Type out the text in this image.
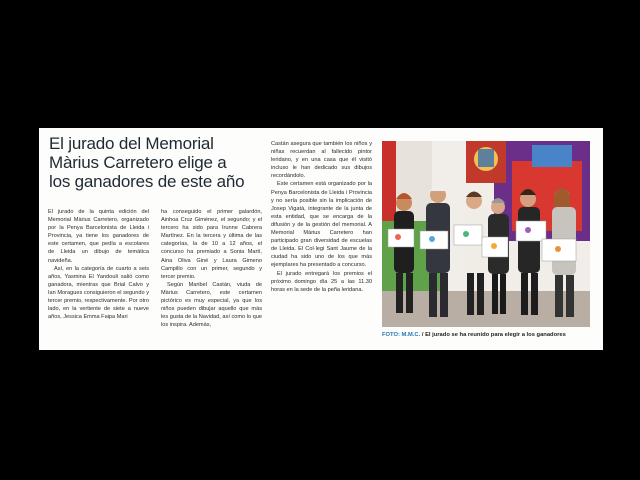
El jurado del Memorial
Màrius Carretero elige a
los ganadores de este año

El jurado de la quinta edición del Memorial Màrius Carretero, organizado por la Penya Barcelonista de Lleida i Provincia, ya tiene los ganadores de este certamen, que pedía a escolares de Lleida un dibujo de temática navideña.

Así, en la categoría de cuarto a seis años, Yasmina El Yandouli salió como ganadora, mientras que Brial Calvo y Ian Moragues consiguieron el segundo y tercer premio, respectivamente. Por otro lado, en la vertiente de siete a nueve años, Jessica Emma Faipa Mari

ha conseguido el primer galardón, Ainhoa Cruz Giménez, el segundo; y el tercero ha sido para Irunne Cabrera Martínez. En la tercera y última de las categorías, la de 10 a 12 años, el concurso ha premiado a Sonia Martí, Aina Oliva Giné y Laura Gimeno Campillo con un primer, segundo y tercer premio.

Según Maribel Castán, viuda de Màrius Carretero, este certamen pictórico es muy especial, ya que los niños pueden dibujar aquello que más les gusta de la Navidad, así como lo que los inspira. Además,

Castán asegura que también los niños y niñas recuerdan al fallecido pintor leridano, y en una casa que él visitó incluso le han dedicado sus dibujos recordándolo.

Este certamen está organizado por la Penya Barcelonista de Lleida i Provincia y no sería posible sin la implicación de Josep Vigatà, integrante de la junta de esta entidad, que se encarga de la difusión y de la gestión del memorial. A Memorial Màrius Carretero han participado gran diversidad de escuelas de Lleida. El Col·legi Sant Jaume de la ciudad ha sido uno de los que más ejemplares ha presentado a concurso.

El jurado entregará los premios el próximo domingo día 25 a las 11.30 horas en la sede de la peña leridana.

FOTO: M.M.C. / El jurado se ha reunido para elegir a los ganadores
